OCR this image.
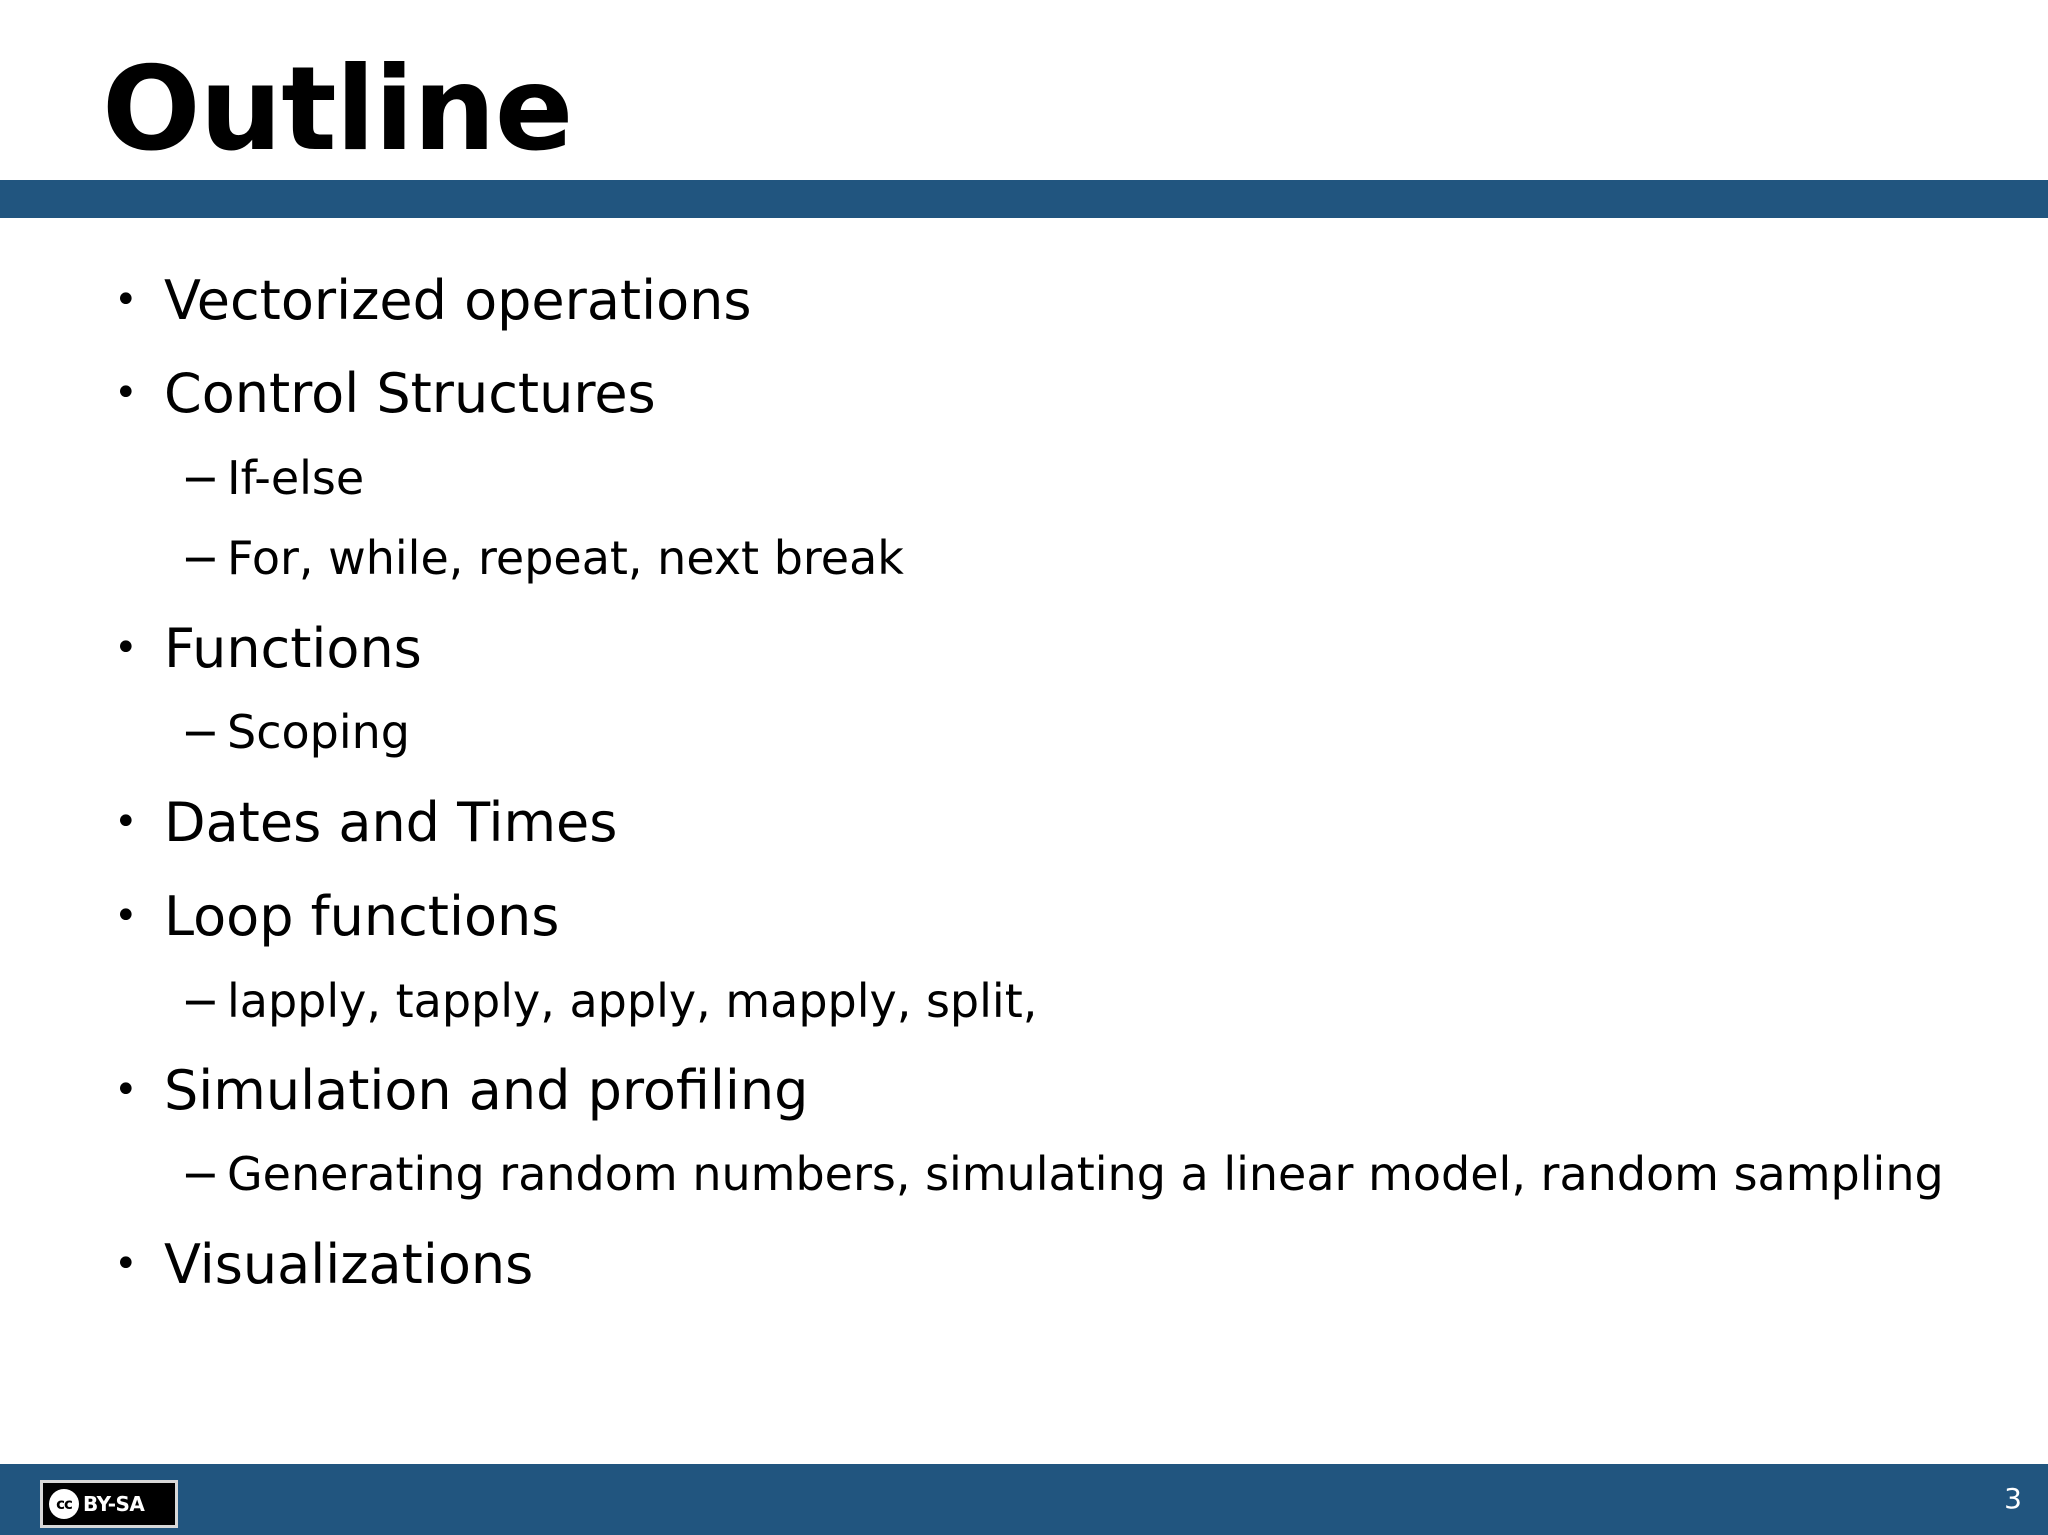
Outline
• Vectorized operations
• Control Structures
− If-else
− For, while, repeat, next break
• Functions
− Scoping
• Dates and Times
• Loop functions
− lapply, tapply, apply, mapply, split,
• Simulation and profiling
− Generating random numbers, simulating a linear model, random sampling
• Visualizations
cc BY-SA	3
